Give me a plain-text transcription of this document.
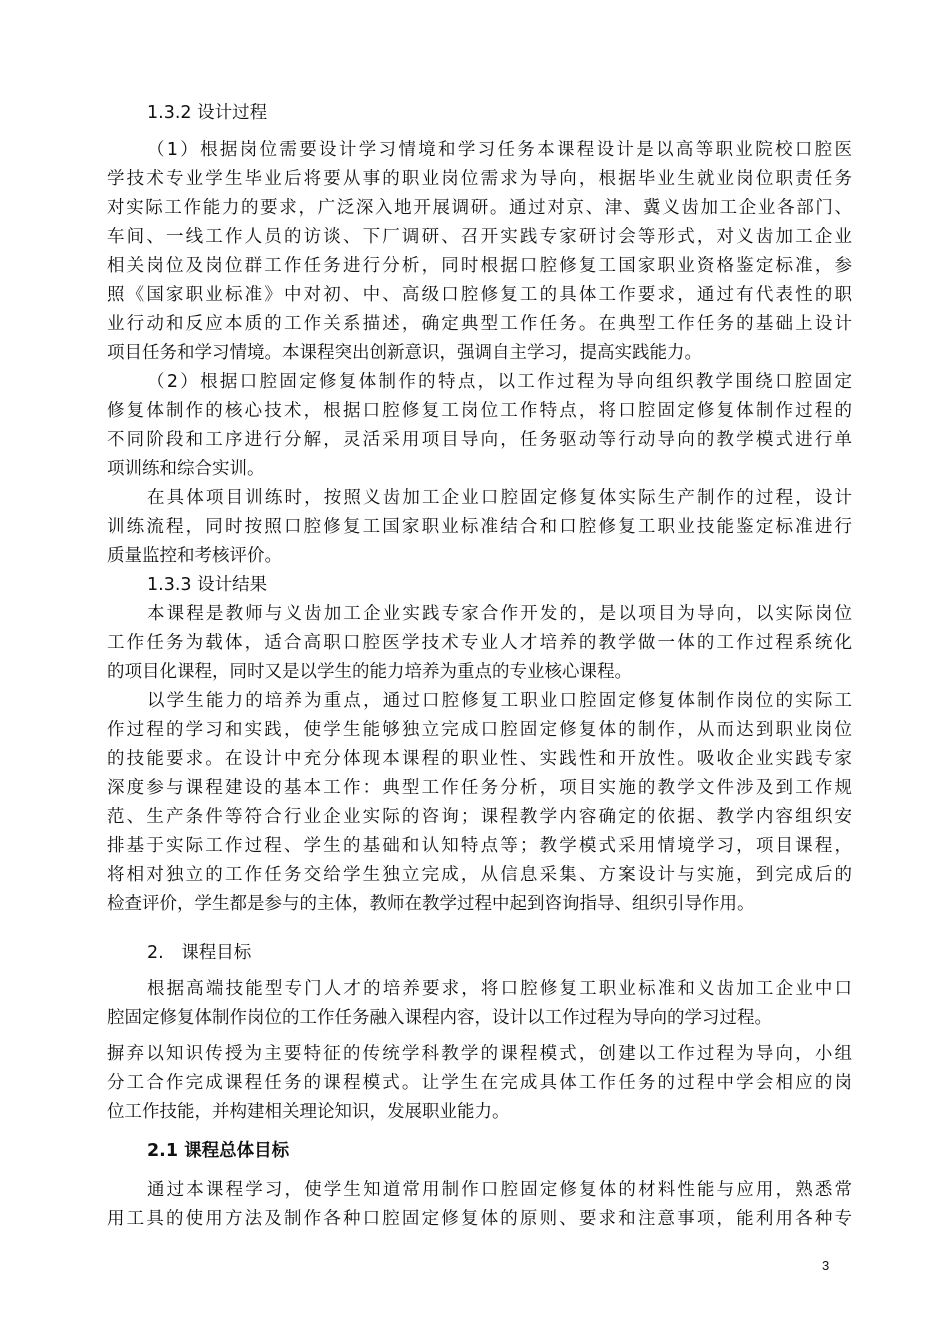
1.3.2 设计过程
（1）根据岗位需要设计学习情境和学习任务本课程设计是以高等职业院校口腔医
学技术专业学生毕业后将要从事的职业岗位需求为导向，根据毕业生就业岗位职责任务
对实际工作能力的要求，广泛深入地开展调研。通过对京、津、冀义齿加工企业各部门、
车间、一线工作人员的访谈、下厂调研、召开实践专家研讨会等形式，对义齿加工企业
相关岗位及岗位群工作任务进行分析，同时根据口腔修复工国家职业资格鉴定标准，参
照《国家职业标准》中对初、中、高级口腔修复工的具体工作要求，通过有代表性的职
业行动和反应本质的工作关系描述，确定典型工作任务。在典型工作任务的基础上设计
项目任务和学习情境。本课程突出创新意识，强调自主学习，提高实践能力。
（2）根据口腔固定修复体制作的特点，以工作过程为导向组织教学围绕口腔固定
修复体制作的核心技术，根据口腔修复工岗位工作特点，将口腔固定修复体制作过程的
不同阶段和工序进行分解，灵活采用项目导向，任务驱动等行动导向的教学模式进行单
项训练和综合实训。
在具体项目训练时，按照义齿加工企业口腔固定修复体实际生产制作的过程，设计
训练流程，同时按照口腔修复工国家职业标准结合和口腔修复工职业技能鉴定标准进行
质量监控和考核评价。
1.3.3 设计结果
本课程是教师与义齿加工企业实践专家合作开发的，是以项目为导向，以实际岗位
工作任务为载体，适合高职口腔医学技术专业人才培养的教学做一体的工作过程系统化
的项目化课程，同时又是以学生的能力培养为重点的专业核心课程。
以学生能力的培养为重点，通过口腔修复工职业口腔固定修复体制作岗位的实际工
作过程的学习和实践，使学生能够独立完成口腔固定修复体的制作，从而达到职业岗位
的技能要求。在设计中充分体现本课程的职业性、实践性和开放性。吸收企业实践专家
深度参与课程建设的基本工作：典型工作任务分析，项目实施的教学文件涉及到工作规
范、生产条件等符合行业企业实际的咨询；课程教学内容确定的依据、教学内容组织安
排基于实际工作过程、学生的基础和认知特点等；教学模式采用情境学习，项目课程，
将相对独立的工作任务交给学生独立完成，从信息采集、方案设计与实施，到完成后的
检查评价，学生都是参与的主体，教师在教学过程中起到咨询指导、组织引导作用。
2.　课程目标
根据高端技能型专门人才的培养要求，将口腔修复工职业标准和义齿加工企业中口
腔固定修复体制作岗位的工作任务融入课程内容，设计以工作过程为导向的学习过程。
摒弃以知识传授为主要特征的传统学科教学的课程模式，创建以工作过程为导向，小组
分工合作完成课程任务的课程模式。让学生在完成具体工作任务的过程中学会相应的岗
位工作技能，并构建相关理论知识，发展职业能力。
2.1 课程总体目标
通过本课程学习，使学生知道常用制作口腔固定修复体的材料性能与应用，熟悉常
用工具的使用方法及制作各种口腔固定修复体的原则、要求和注意事项，能利用各种专
3
